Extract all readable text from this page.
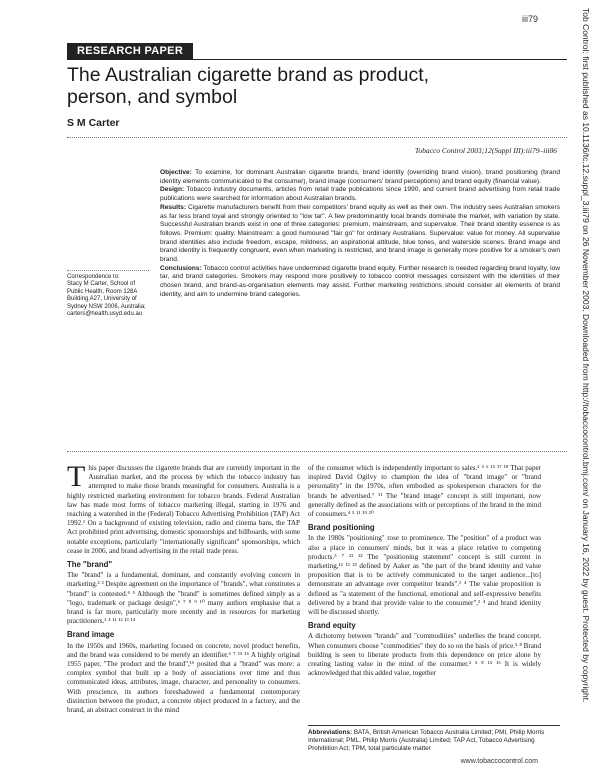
iii79	Tob Control: first published as 10.1136/tc.12.suppl_3.iii79 on 26 November 2003. Downloaded from http://tobaccocontrol.bmj.com/ on January 16, 2022 by guest. Protected by copyright.
RESEARCH PAPER
The Australian cigarette brand as product, person, and symbol
S M Carter
Tobacco Control 2003;12(Suppl III):iii79–iii86

Objective: To examine, for dominant Australian cigarette brands, brand identity (overriding brand vision), brand positioning (brand identity elements communicated to the consumer), brand image (consumers' brand perceptions) and brand equity (financial value).

Design: Tobacco industry documents, articles from retail trade publications since 1990, and current brand advertising from retail trade publications were searched for information about Australian brands.

Results: Cigarette manufacturers benefit from their competitors' brand equity as well as their own. The industry sees Australian smokers as far less brand loyal and strongly oriented to "low tar". A few predominantly local brands dominate the market, with variation by state. Successful Australian brands exist in one of three categories: premium, mainstream, and supervalue. Their brand identity essence is as follows. Premium: quality. Mainstream: a good humoured "fair go" for ordinary Australians. Supervalue: value for money. All supervalue brand identities also include freedom, escape, mildness, an aspirational attitude, blue tones, and waterside scenes. Brand image and brand identity is frequently congruent, even when marketing is restricted, and brand image is generally more positive for a smoker's own brand.

Conclusions: Tobacco control activities have undermined cigarette brand equity. Further research is needed regarding brand loyalty, low tar, and brand categories. Smokers may respond more positively to tobacco control messages consistent with the identities of their chosen brand, and brand-as-organisation elements may assist. Further marketing restrictions should consider all elements of brand identity, and aim to undermine brand categories.

Correspondence to:

Stacy M Carter, School of Public Health, Room 128A Building A27, University of Sydney NSW 2006, Australia; carters@health.usyd.edu.au

This paper discusses the cigarette brands that are currently important in the Australian market, and the process by which the tobacco industry has attempted to make those brands meaningful for consumers. Australia is a highly restricted marketing environment for tobacco brands. Federal Australian law has made most forms of tobacco marketing illegal, starting in 1976 and reaching a watershed in the (Federal) Tobacco Advertising Prohibition (TAP) Act 1992.¹ On a background of existing television, radio and cinema bans, the TAP Act prohibited print advertising, domestic sponsorships and billboards, with some notable exceptions, particularly "internationally significant" sponsorships, which cease in 2006, and brand advertising in the retail trade press.

The "brand"

The "brand" is a fundamental, dominant, and constantly evolving concern in marketing.² ³ Despite agreement on the importance of "brands", what constitutes a "brand" is contested.⁴ ⁵ Although the "brand" is sometimes defined simply as a "logo, trademark or package design",⁶ ⁷ ⁸ ⁹ ¹⁰ many authors emphasise that a brand is far more, particularly more recently and in resources for marketing practitioners.² ⁴ ¹¹ ¹² ¹³ ¹⁴

Brand image

In the 1950s and 1960s, marketing focused on concrete, novel product benefits, and the brand was considered to be merely an identifier.⁶ ⁷ ¹⁵ ¹⁶ A highly original 1955 paper, "The product and the brand",¹⁶ posited that a "brand" was more: a complex symbol that built up a body of associations over time and thus communicated ideas, attributes, image, character, and personality to consumers. With prescience, its authors foreshadowed a fundamental contemporary distinction between the product, a concrete object produced in a factory, and the brand, an abstract construct in the mind

of the consumer which is independently important to sales.² ⁵ ⁶ ¹⁵ ¹⁷ ¹⁸ That paper inspired David Ogilvy to champion the idea of "brand image" or "brand personality" in the 1970s, often embodied as spokesperson characters for the brands he advertised.⁷ ¹¹ The "brand image" concept is still important, now generally defined as the associations with or perceptions of the brand in the mind of consumers.⁴ ⁵ ¹¹ ¹⁹ ²⁰

Brand positioning

In the 1980s "positioning" rose to prominence. The "position" of a product was also a place in consumers' minds, but it was a place relative to competing products.⁵ ⁷ ²¹ ²² The "positioning statement" concept is still current in marketing,¹² ¹³ ²³ defined by Aaker as "the part of the brand identity and value proposition that is to be actively communicated to the target audience...[to] demonstrate an advantage over competitor brands".¹ ⁴ The value proposition is defined as "a statement of the functional, emotional and self-expressive benefits delivered by a brand that provide value to the consumer",² ⁴ and brand identity will be discussed shortly.

Brand equity

A dichotomy between "brands" and "commodities" underlies the brand concept. When consumers choose "commodities" they do so on the basis of price.⁵ ⁸ Brand building is seen to liberate products from this dependence on price alone by creating lasting value in the mind of the consumer.² ⁵ ⁸ ¹⁵ ¹⁶ It is widely acknowledged that this added value, together

Abbreviations: BATA, British American Tobacco Australia Limited; PMI, Philip Morris International; PML, Philip Morris (Australia) Limited; TAP Act, Tobacco Advertising Prohibition Act; TPM, total particulate matter

www.tobaccocontrol.com
